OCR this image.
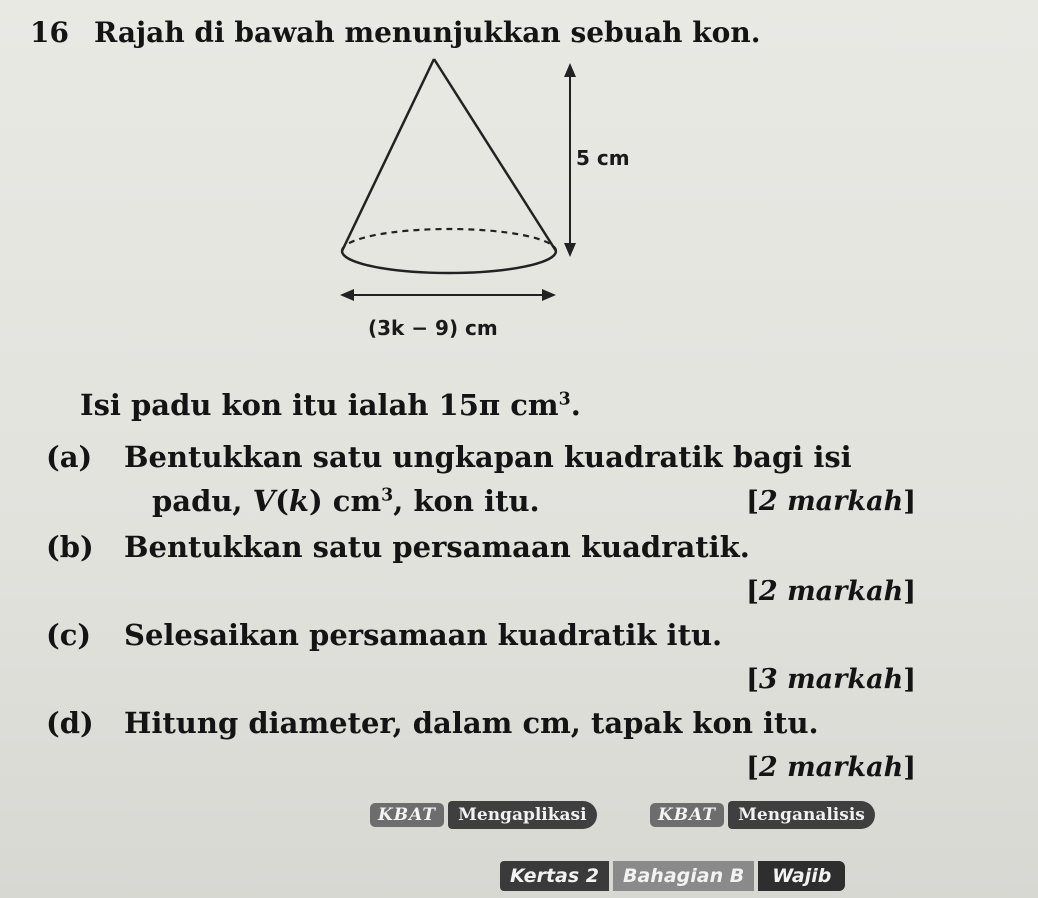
16 Rajah di bawah menunjukkan sebuah kon.
5 cm
(3k − 9) cm
Isi padu kon itu ialah 15π $cm^3$.
(a) Bentukkan satu ungkapan kuadratik bagi isi
padu, V(k) $cm^3$, kon itu.	[2 markah]
(b) Bentukkan satu persamaan kuadratik.
[2 markah]
(c) Selesaikan persamaan kuadratik itu.
[3 markah]
(d) Hitung diameter, dalam cm, tapak kon itu.
[2 markah]
KBAT	Mengaplikasi	KBAT	Menganalisis
Kertas 2	Bahagian B	Wajib
